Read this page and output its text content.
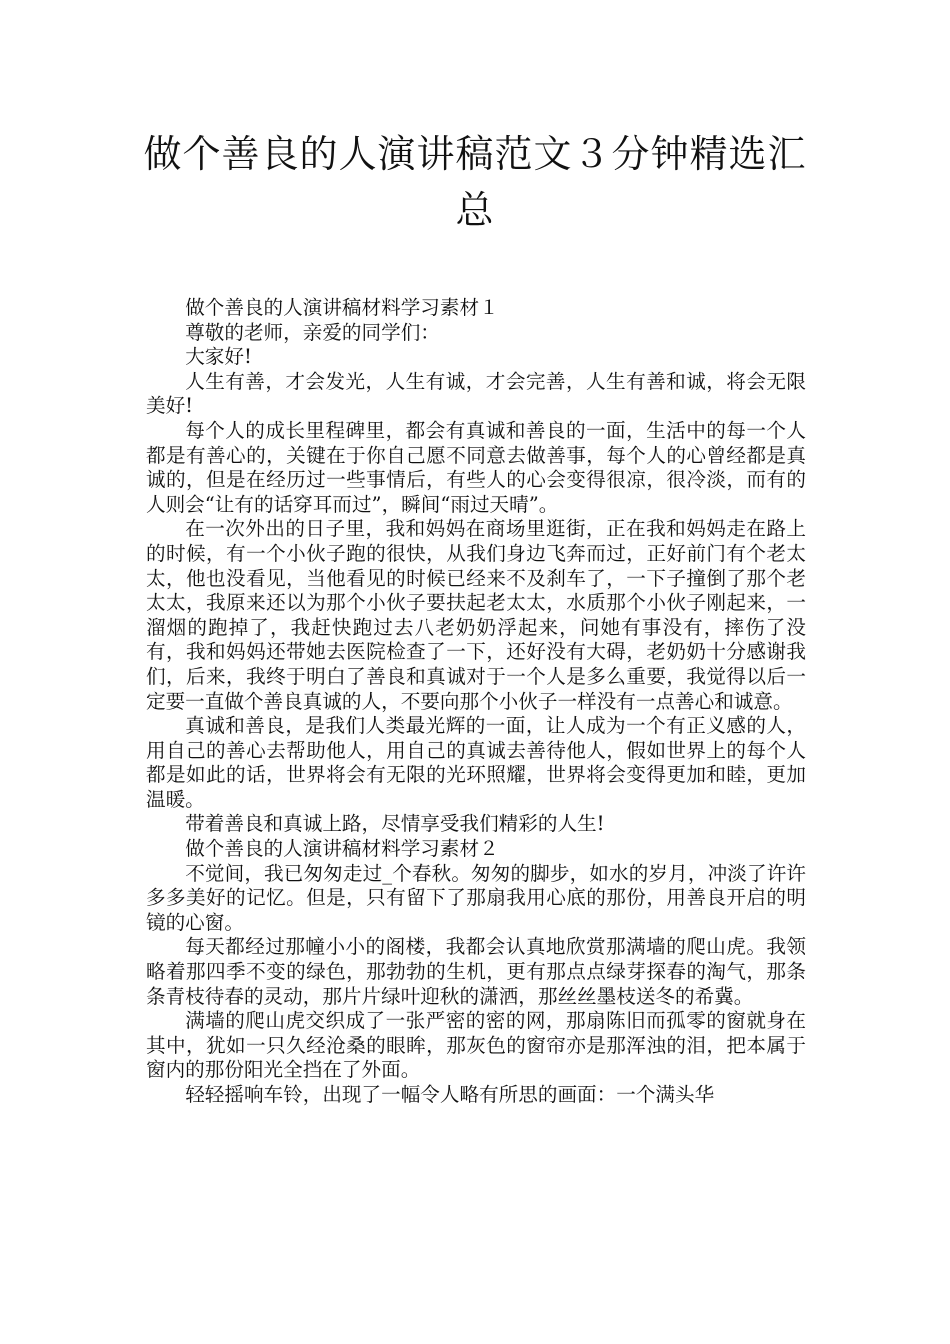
做个善良的人演讲稿范文３分钟精选汇总

做个善良的人演讲稿材料学习素材１

尊敬的老师，亲爱的同学们：

大家好!

人生有善，才会发光，人生有诚，才会完善，人生有善和诚，将会无限美好!

每个人的成长里程碑里，都会有真诚和善良的一面，生活中的每一个人都是有善心的，关键在于你自己愿不同意去做善事，每个人的心曾经都是真诚的，但是在经历过一些事情后，有些人的心会变得很凉，很冷淡，而有的人则会“让有的话穿耳而过”，瞬间“雨过天晴”。

在一次外出的日子里，我和妈妈在商场里逛街，正在我和妈妈走在路上的时候，有一个小伙子跑的很快，从我们身边飞奔而过，正好前门有个老太太，他也没看见，当他看见的时候已经来不及刹车了，一下子撞倒了那个老太太，我原来还以为那个小伙子要扶起老太太，水质那个小伙子刚起来，一溜烟的跑掉了，我赶快跑过去八老奶奶浮起来，问她有事没有，摔伤了没有，我和妈妈还带她去医院检查了一下，还好没有大碍，老奶奶十分感谢我们，后来，我终于明白了善良和真诚对于一个人是多么重要，我觉得以后一定要一直做个善良真诚的人，不要向那个小伙子一样没有一点善心和诚意。

真诚和善良，是我们人类最光辉的一面，让人成为一个有正义感的人，用自己的善心去帮助他人，用自己的真诚去善待他人，假如世界上的每个人都是如此的话，世界将会有无限的光环照耀，世界将会变得更加和睦，更加温暖。

带着善良和真诚上路，尽情享受我们精彩的人生!

做个善良的人演讲稿材料学习素材２

不觉间，我已匆匆走过_个春秋。匆匆的脚步，如水的岁月，冲淡了许许多多美好的记忆。但是，只有留下了那扇我用心底的那份，用善良开启的明镜的心窗。

每天都经过那幢小小的阁楼，我都会认真地欣赏那满墙的爬山虎。我领略着那四季不变的绿色，那勃勃的生机，更有那点点绿芽探春的淘气，那条条青枝待春的灵动，那片片绿叶迎秋的潇洒，那丝丝墨枝送冬的希冀。

满墙的爬山虎交织成了一张严密的密的网，那扇陈旧而孤零的窗就身在其中，犹如一只久经沧桑的眼眸，那灰色的窗帘亦是那浑浊的泪，把本属于窗内的那份阳光全挡在了外面。

轻轻摇响车铃，出现了一幅令人略有所思的画面：一个满头华
